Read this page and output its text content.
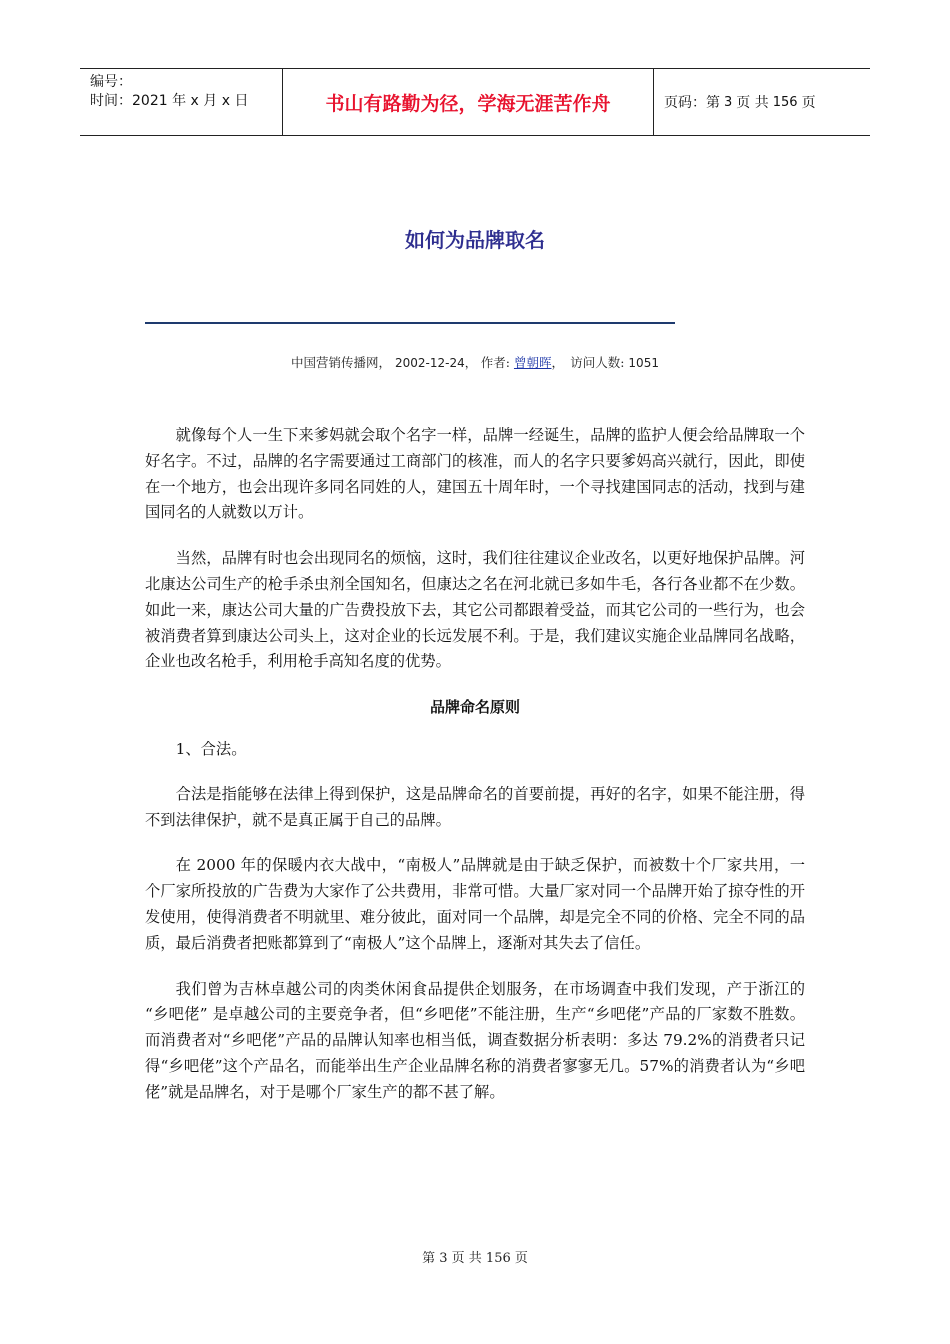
编号：
时间：2021 年 x 月 x 日	书山有路勤为径，学海无涯苦作舟	页码：第 3 页 共 156 页
如何为品牌取名
中国营销传播网， 2002-12-24， 作者: 曾朝晖，　访问人数: 1051

就像每个人一生下来爹妈就会取个名字一样，品牌一经诞生，品牌的监护人便会给品牌取一个好名字。不过，品牌的名字需要通过工商部门的核准，而人的名字只要爹妈高兴就行，因此，即使在一个地方，也会出现许多同名同姓的人，建国五十周年时，一个寻找建国同志的活动，找到与建国同名的人就数以万计。

当然，品牌有时也会出现同名的烦恼，这时，我们往往建议企业改名，以更好地保护品牌。河北康达公司生产的枪手杀虫剂全国知名，但康达之名在河北就已多如牛毛，各行各业都不在少数。如此一来，康达公司大量的广告费投放下去，其它公司都跟着受益，而其它公司的一些行为，也会被消费者算到康达公司头上，这对企业的长远发展不利。于是，我们建议实施企业品牌同名战略，企业也改名枪手，利用枪手高知名度的优势。

品牌命名原则

1、合法。

合法是指能够在法律上得到保护，这是品牌命名的首要前提，再好的名字，如果不能注册，得不到法律保护，就不是真正属于自己的品牌。

在 2000 年的保暖内衣大战中，“南极人”品牌就是由于缺乏保护，而被数十个厂家共用，一个厂家所投放的广告费为大家作了公共费用，非常可惜。大量厂家对同一个品牌开始了掠夺性的开发使用，使得消费者不明就里、难分彼此，面对同一个品牌，却是完全不同的价格、完全不同的品质，最后消费者把账都算到了“南极人”这个品牌上，逐渐对其失去了信任。

我们曾为吉林卓越公司的肉类休闲食品提供企划服务，在市场调查中我们发现，产于浙江的 “乡吧佬” 是卓越公司的主要竞争者，但“乡吧佬”不能注册，生产“乡吧佬”产品的厂家数不胜数。而消费者对“乡吧佬”产品的品牌认知率也相当低，调查数据分析表明：多达 79.2%的消费者只记得“乡吧佬”这个产品名，而能举出生产企业品牌名称的消费者寥寥无几。57%的消费者认为“乡吧佬”就是品牌名，对于是哪个厂家生产的都不甚了解。

第 3 页 共 156 页
